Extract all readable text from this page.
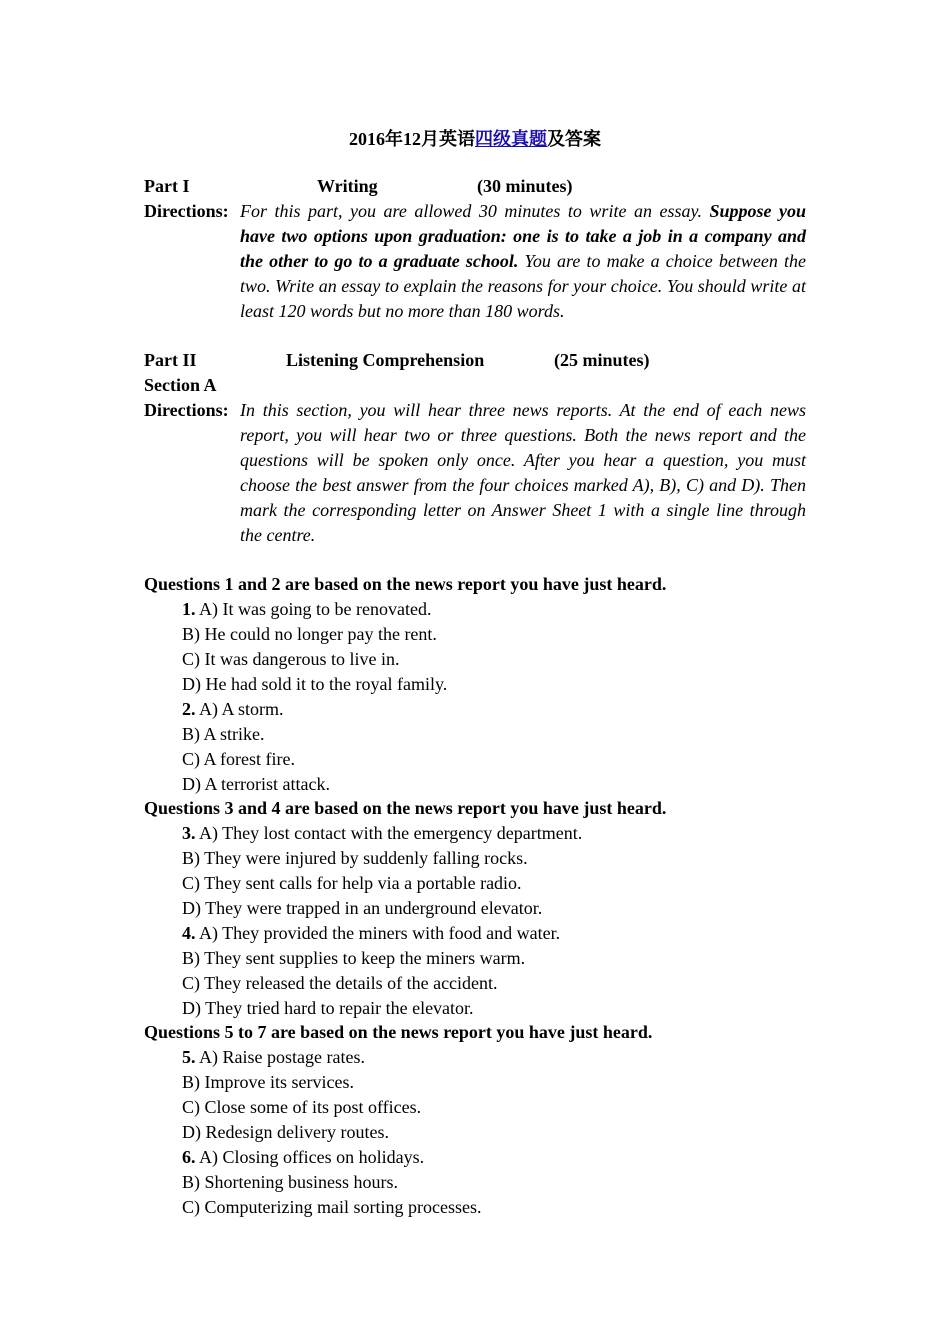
2016年12月英语四级真题及答案
Part I	Writing	(30 minutes)
Directions: For this part, you are allowed 30 minutes to write an essay. Suppose you have two options upon graduation: one is to take a job in a company and the other to go to a graduate school. You are to make a choice between the two. Write an essay to explain the reasons for your choice. You should write at least 120 words but no more than 180 words.
Part II	Listening Comprehension	(25 minutes)
Section A
Directions: In this section, you will hear three news reports. At the end of each news report, you will hear two or three questions. Both the news report and the questions will be spoken only once. After you hear a question, you must choose the best answer from the four choices marked A), B), C) and D). Then mark the corresponding letter on Answer Sheet 1 with a single line through the centre.
Questions 1 and 2 are based on the news report you have just heard.
1. A) It was going to be renovated.
B) He could no longer pay the rent.
C) It was dangerous to live in.
D) He had sold it to the royal family.
2. A) A storm.
B) A strike.
C) A forest fire.
D) A terrorist attack.
Questions 3 and 4 are based on the news report you have just heard.
3. A) They lost contact with the emergency department.
B) They were injured by suddenly falling rocks.
C) They sent calls for help via a portable radio.
D) They were trapped in an underground elevator.
4. A) They provided the miners with food and water.
B) They sent supplies to keep the miners warm.
C) They released the details of the accident.
D) They tried hard to repair the elevator.
Questions 5 to 7 are based on the news report you have just heard.
5. A) Raise postage rates.
B) Improve its services.
C) Close some of its post offices.
D) Redesign delivery routes.
6. A) Closing offices on holidays.
B) Shortening business hours.
C) Computerizing mail sorting processes.
